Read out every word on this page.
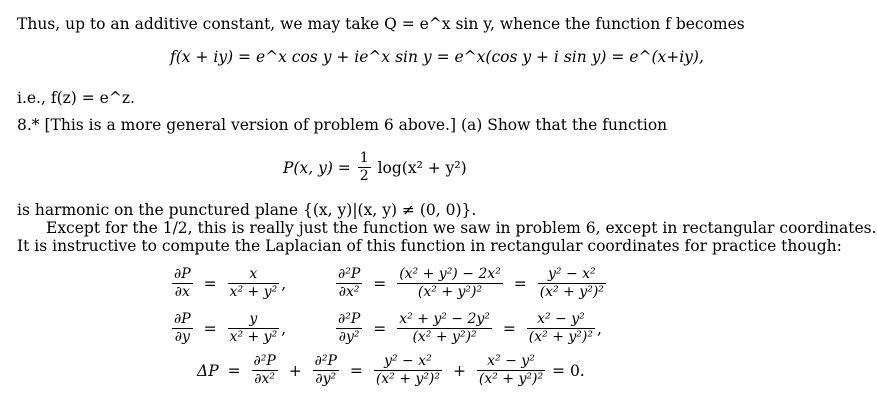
Thus, up to an additive constant, we may take Q = e^x sin y, whence the function f becomes
f(x + iy) = e^x cos y + ie^x sin y = e^x(cos y + i sin y) = e^(x+iy),
i.e., f(z) = e^z.
8.* [This is a more general version of problem 6 above.] (a) Show that the function
P(x, $y) = \frac{1}{2} \log(x^2 + y^2)$
is harmonic on the punctured plane {(x, y)|(x, y) ≠ (0, 0)}.
Except for the 1/2, this is really just the function we saw in problem 6, except in rectangular coordinates.
It is instructive to compute the Laplacian of this function in rectangular coordinates for practice though:
$\frac{\partial P}{\partial x} = \frac{x}{\text{x² + y²}}$ ,	$\frac{\text{∂²P}}{\text{∂x²}} = \frac{\text{(x² + y²) − 2x²}}{\text{(x² + y²)²}} = \frac{\text{y² − x²}}{\text{(x² + y²)²}}$
$\frac{\partial P}{\partial y} = \frac{y}{\text{x² + y²}}$ ,	$\frac{\text{∂²P}}{\text{∂y²}} = \frac{\text{x² + y² − 2y²}}{\text{(x² + y²)²}} = \frac{\text{x² − y²}}{\text{(x² + y²)²}}$ ,
$\Delta P = \frac{\text{∂²P}}{\text{∂x²}} + \frac{\text{∂²P}}{\text{∂y²}} = \frac{\text{y² − x²}}{\text{(x² + y²)²}} + \frac{\text{x² − y²}}{\text{(x² + y²)²}} = 0$.
